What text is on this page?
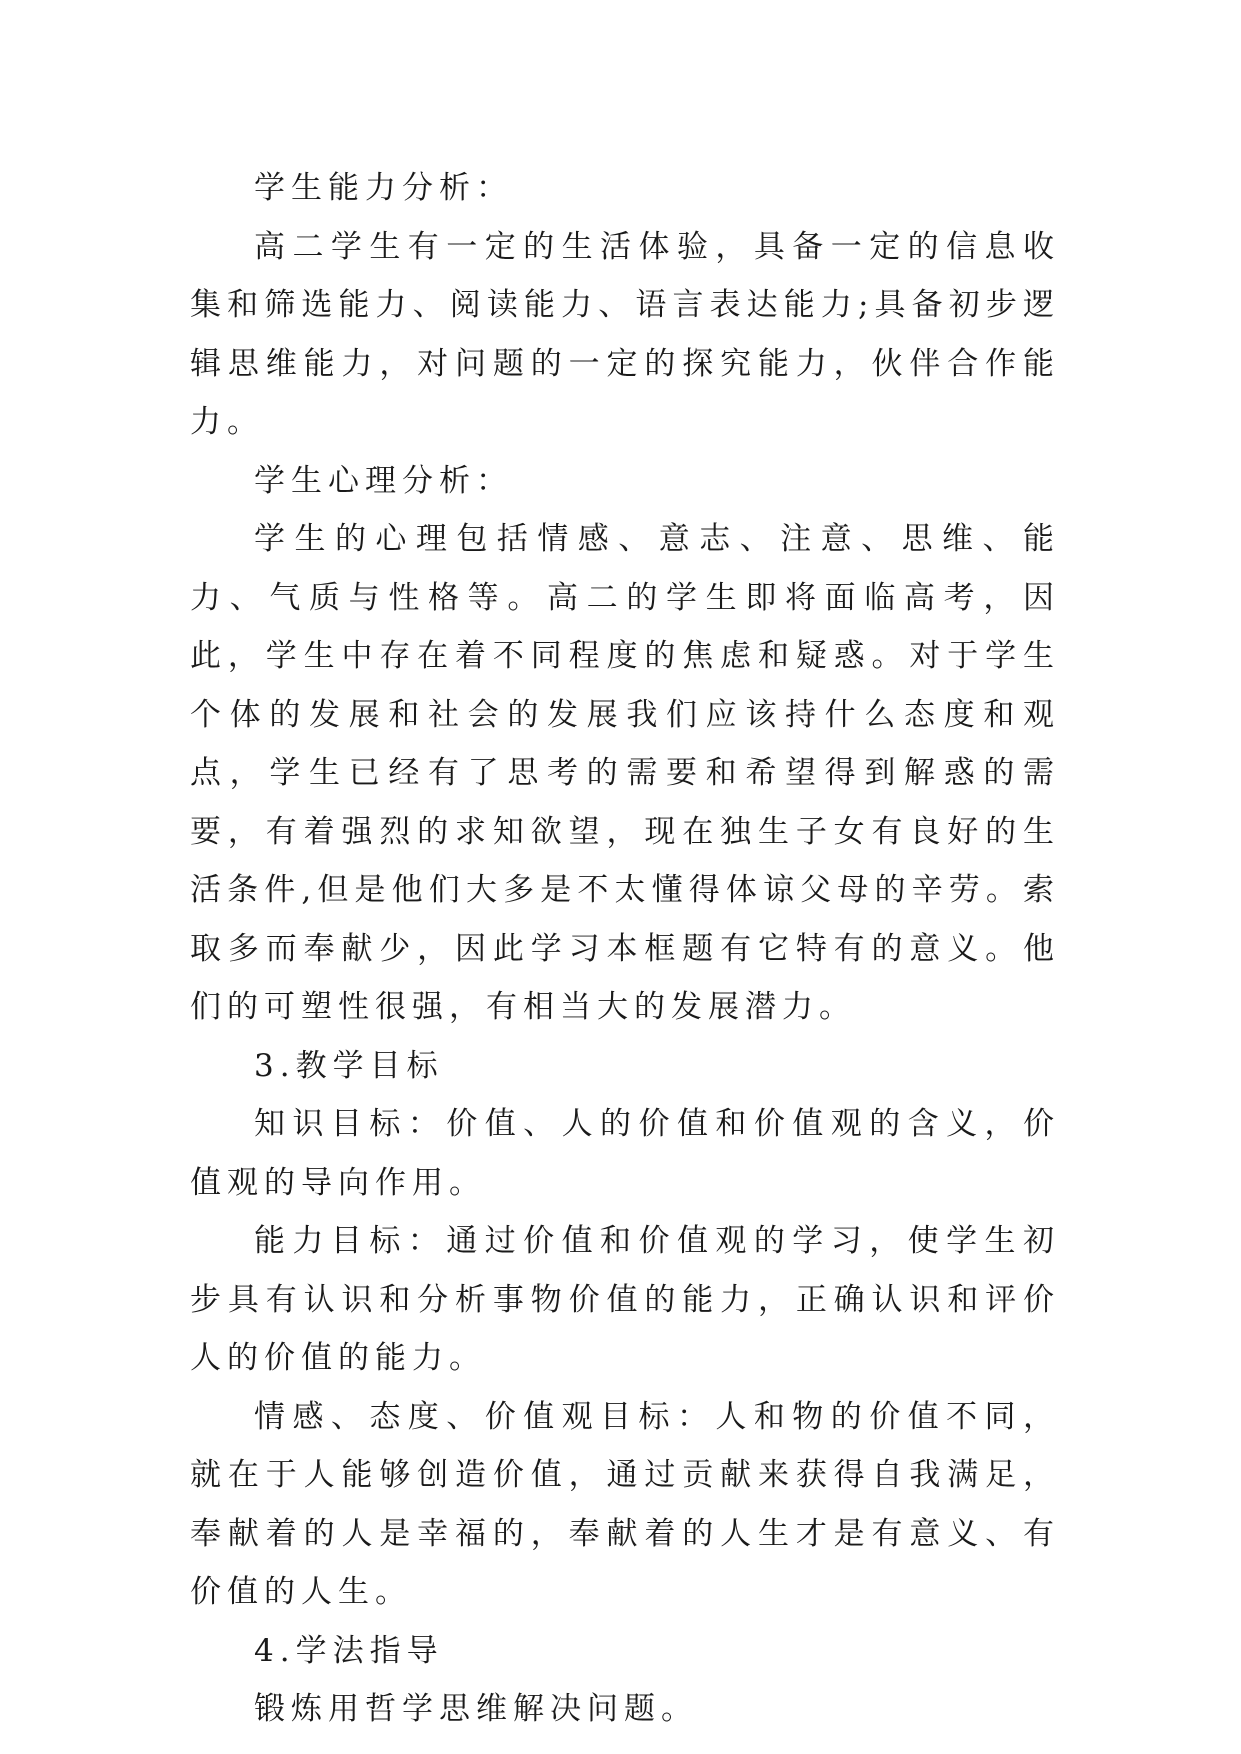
学生能力分析：

高二学生有一定的生活体验，具备一定的信息收集和筛选能力、阅读能力、语言表达能力;具备初步逻辑思维能力，对问题的一定的探究能力，伙伴合作能力。

学生心理分析：

学生的心理包括情感、意志、注意、思维、能力、气质与性格等。高二的学生即将面临高考，因此，学生中存在着不同程度的焦虑和疑惑。对于学生个体的发展和社会的发展我们应该持什么态度和观点，学生已经有了思考的需要和希望得到解惑的需要，有着强烈的求知欲望，现在独生子女有良好的生活条件,但是他们大多是不太懂得体谅父母的辛劳。索取多而奉献少，因此学习本框题有它特有的意义。他们的可塑性很强，有相当大的发展潜力。

3.教学目标

知识目标：价值、人的价值和价值观的含义，价值观的导向作用。

能力目标：通过价值和价值观的学习，使学生初步具有认识和分析事物价值的能力，正确认识和评价人的价值的能力。

情感、态度、价值观目标：人和物的价值不同，就在于人能够创造价值，通过贡献来获得自我满足，奉献着的人是幸福的，奉献着的人生才是有意义、有价值的人生。

4.学法指导

锻炼用哲学思维解决问题。
